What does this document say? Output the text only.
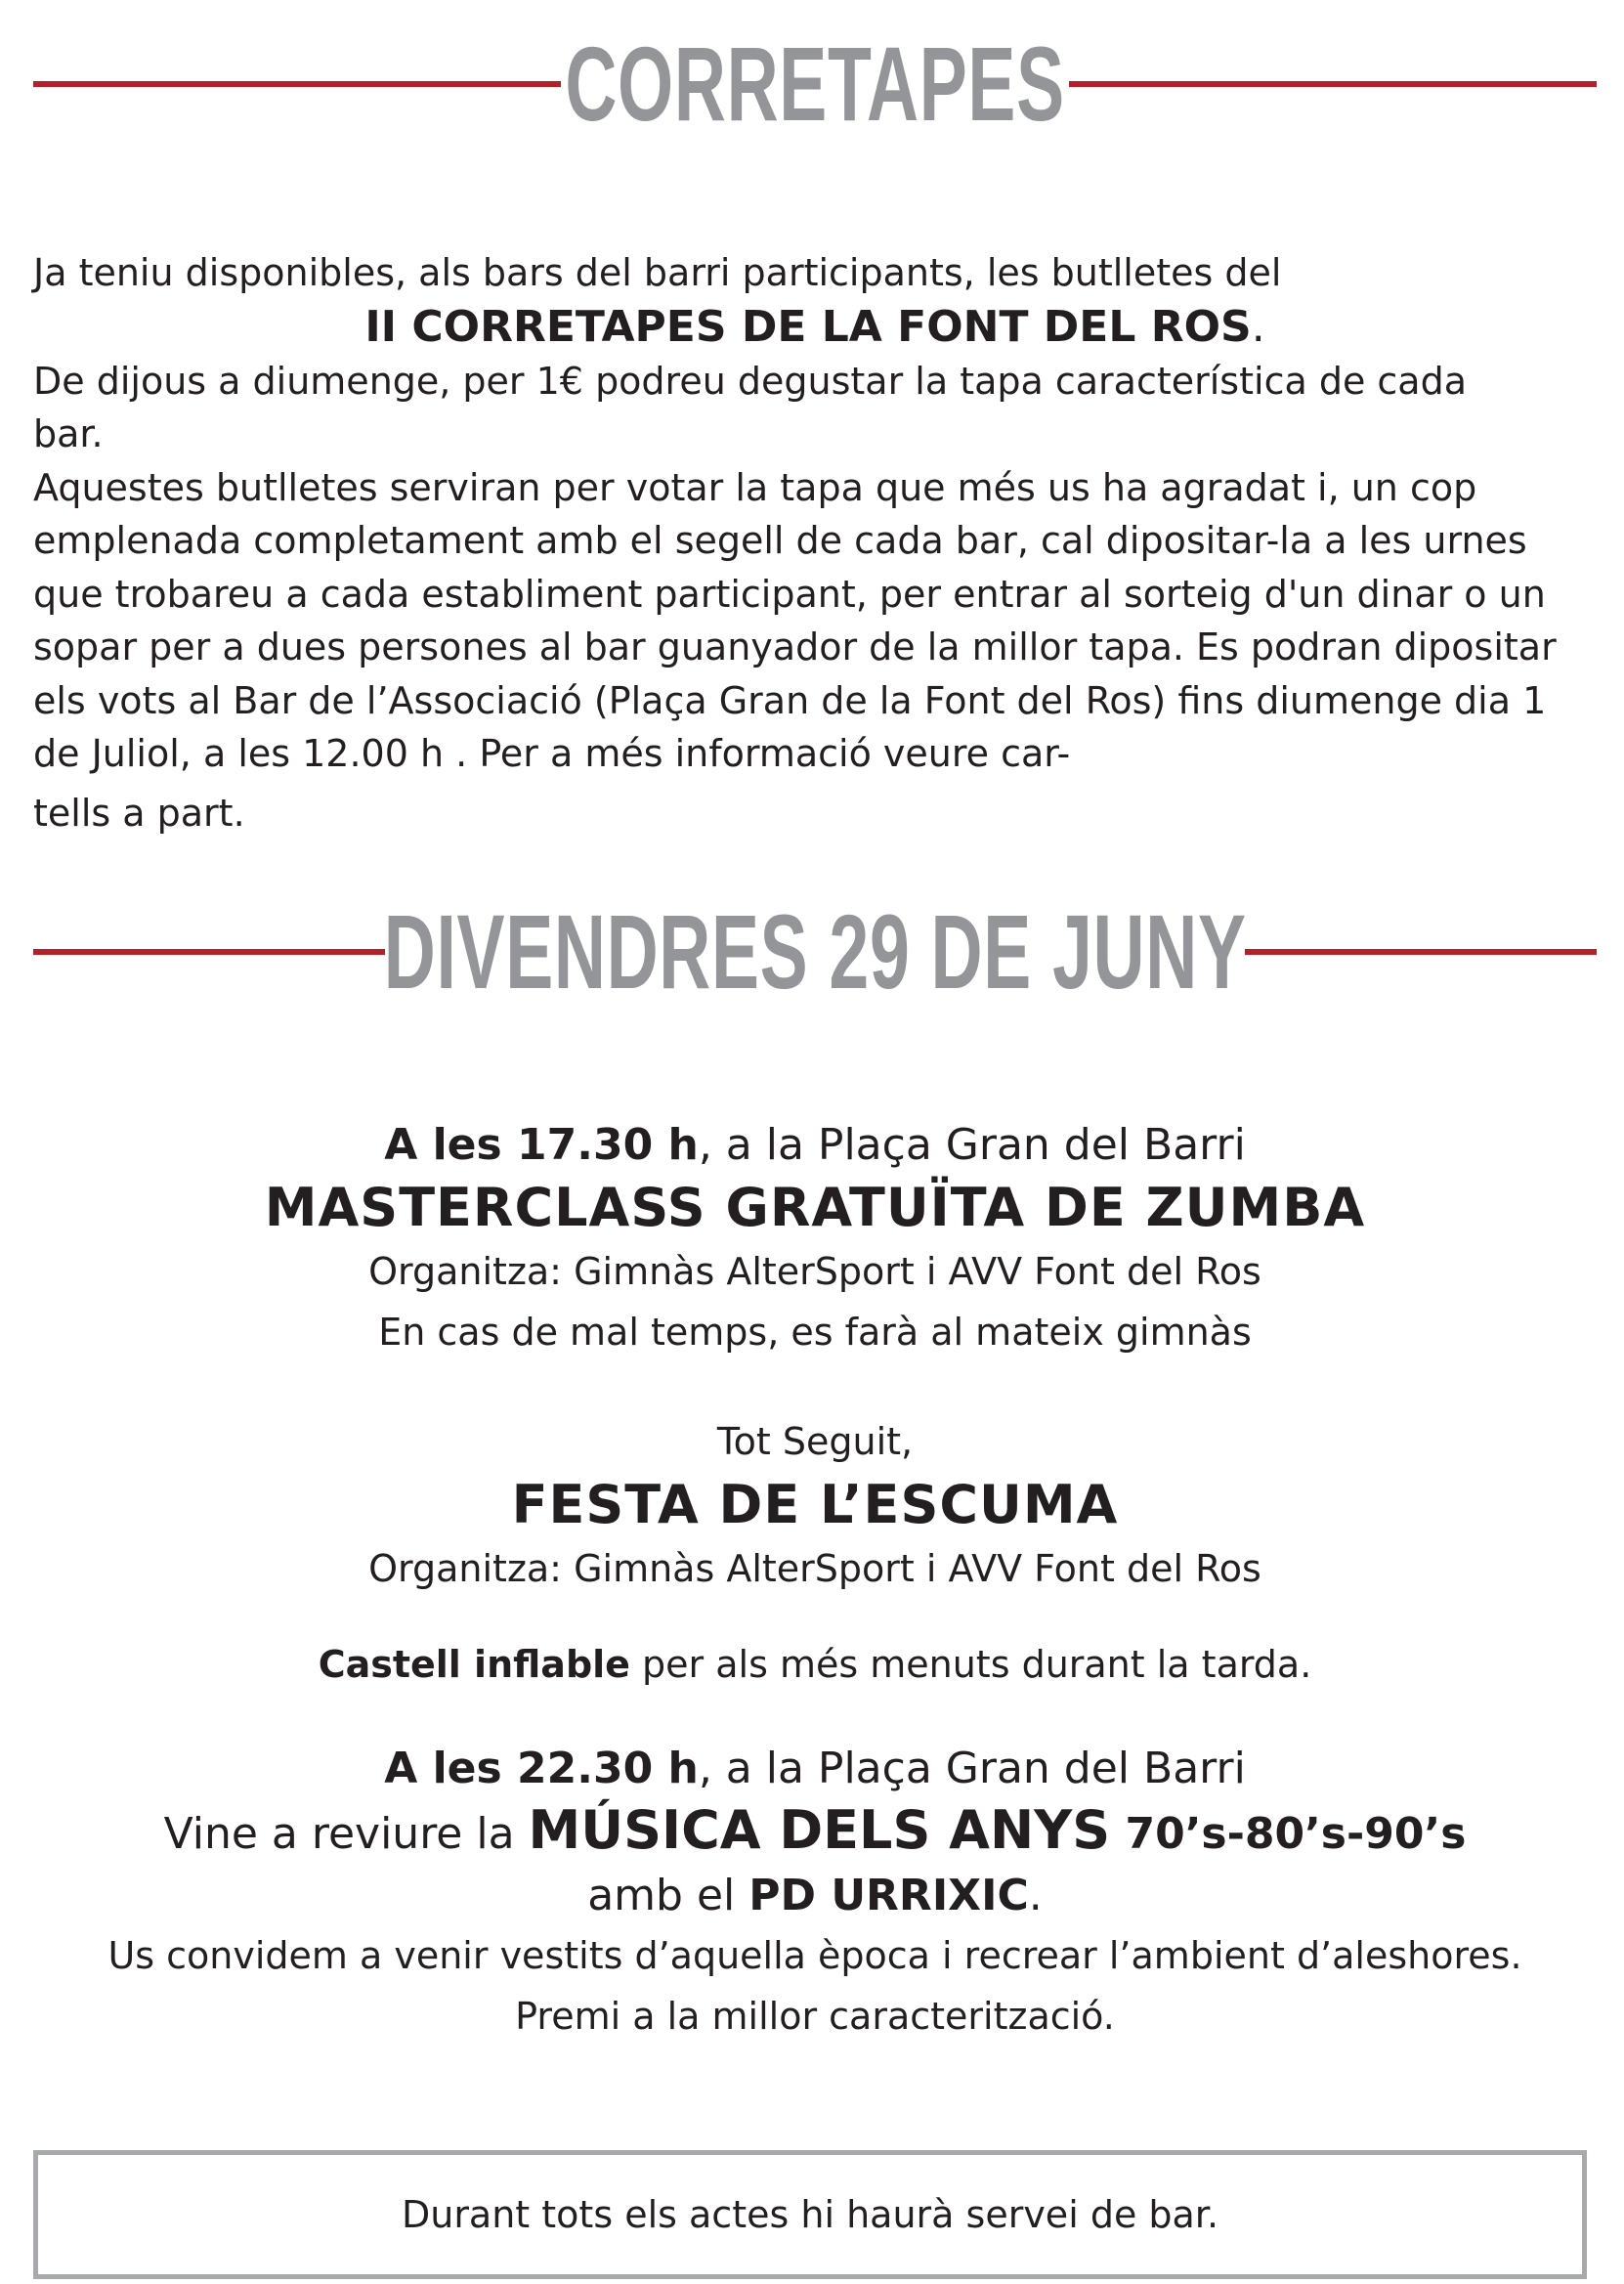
CORRETAPES

Ja teniu disponibles, als bars del barri participants, les butlletes del

II CORRETAPES DE LA FONT DEL ROS.

De dijous a diumenge, per 1€ podreu degustar la tapa característica de cada

bar.

Aquestes butlletes serviran per votar la tapa que més us ha agradat i, un cop emplenada completament amb el segell de cada bar, cal dipositar-la a les urnes que trobareu a cada establiment participant, per entrar al sorteig d'un dinar o un sopar per a dues persones al bar guanyador de la millor tapa. Es podran dipositar els vots al Bar de l’Associació (Plaça Gran de la Font del Ros) fins diumenge dia 1 de Juliol, a les 12.00 h . Per a més informació veure car-

tells a part.

DIVENDRES 29 DE JUNY
A les 17.30 h, a la Plaça Gran del Barri
MASTERCLASS GRATUÏTA DE ZUMBA
Organitza: Gimnàs AlterSport i AVV Font del Ros
En cas de mal temps, es farà al mateix gimnàs
Tot Seguit,
FESTA DE L’ESCUMA
Organitza: Gimnàs AlterSport i AVV Font del Ros
Castell inflable per als més menuts durant la tarda.
A les 22.30 h, a la Plaça Gran del Barri
Vine a reviure la MÚSICA DELS ANYS 70’s-80’s-90’s
amb el PD URRIXIC.
Us convidem a venir vestits d’aquella època i recrear l’ambient d’aleshores.
Premi a la millor caracterització.
Durant tots els actes hi haurà servei de bar.
